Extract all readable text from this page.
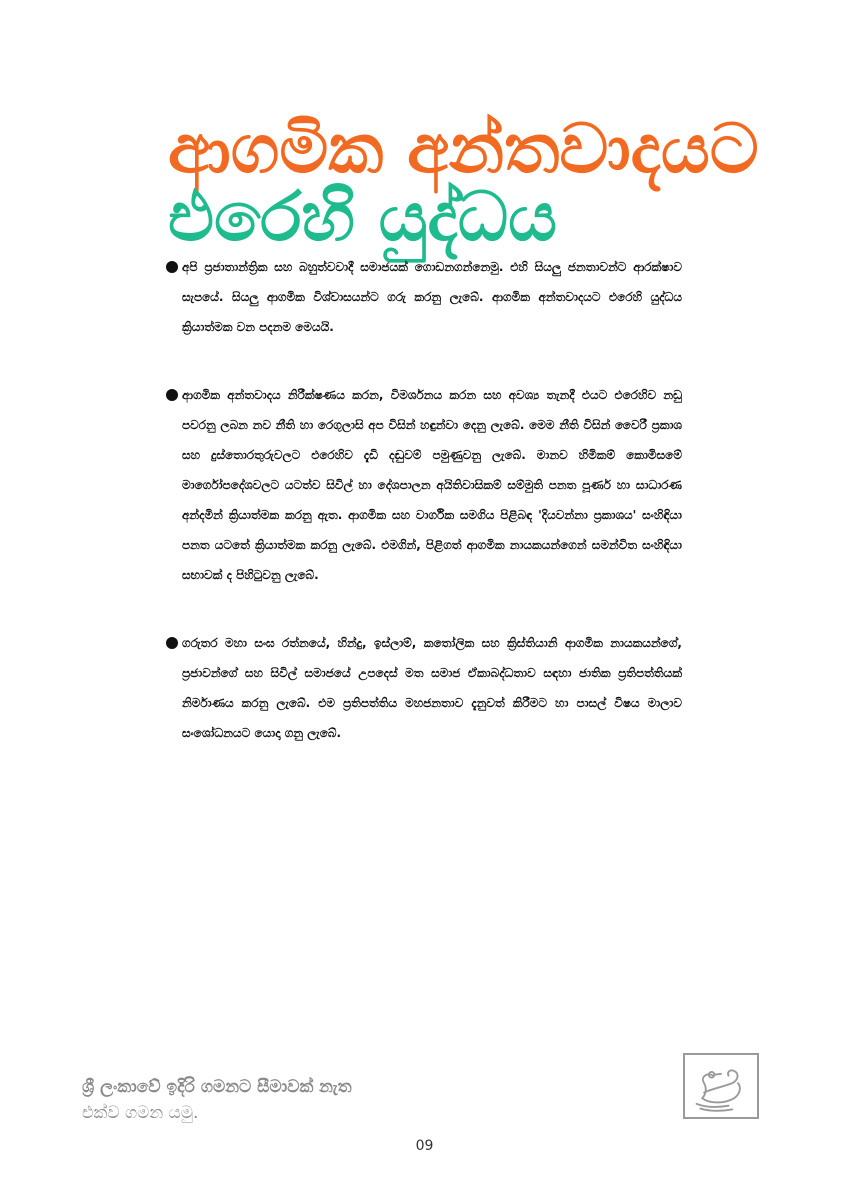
ආගමික අන්තවාදයට
එරෙහි යුද්ධය
අපි ප්‍රජාතාන්ත්‍රික සහ බහුත්වවාදී සමාජයක් ගොඩනගන්නෙමු. එහි සියලු ජනතාවන්ට ආරක්ෂාව සැපයේ. සියලු ආගමික විශ්වාසයන්ට ගරු කරනු ලැබේ. ආගමික අන්තවාදයට එරෙහි යුද්ධය ක්‍රියාත්මක වන පදනම මෙයයි.
ආගමික අන්තවාදය නිරීක්ෂණය කරන, විමර්ශනය කරන සහ අවශ්‍ය තැනදී එයට එරෙහිව නඩු පවරනු ලබන නව නීති හා රෙගුලාසි අප විසින් හඳුන්වා දෙනු ලැබේ. මෙම නීති විසින් වෛරී ප්‍රකාශ සහ දුස්තොරතුරුවලට එරෙහිව දැඩි දඬුවම් පමුණුවනු ලැබේ. මානව හිමිකම් කොමිසමේ මාර්ගෝපදේශවලට යටත්ව සිවිල් හා දේශපාලන අයිතිවාසිකම් සම්මුති පනත පූර්ණ හා සාධාරණ අන්දමින් ක්‍රියාත්මක කරනු ඇත. ආගමික සහ වාර්ගික සමගිය පිළිබඳ 'දියවන්නා ප්‍රකාශය' සංහිඳියා පනත යටතේ ක්‍රියාත්මක කරනු ලැබේ. එමගින්, පිළිගත් ආගමික නායකයන්ගෙන් සමන්විත සංහිඳියා සභාවක් ද පිහිටුවනු ලැබේ.
ගරුතර මහා සංඝ රත්නයේ, හින්දු, ඉස්ලාම්, කතෝලික සහ ක්‍රිස්තියානි ආගමික නායකයන්ගේ, ප්‍රජාවන්ගේ සහ සිවිල් සමාජයේ උපදෙස් මත සමාජ ඒකාබද්ධතාව සඳහා ජාතික ප්‍රතිපත්තියක් නිර්මාණය කරනු ලැබේ. එම ප්‍රතිපත්තිය මහජනතාව දැනුවත් කිරීමට හා පාසල් විෂය මාලාව සංශෝධනයට යොදා ගනු ලැබේ.
ශ්‍රී ලංකාවේ ඉදිරි ගමනට සීමාවක් නැත
එක්ව ගමන යමු.
09
